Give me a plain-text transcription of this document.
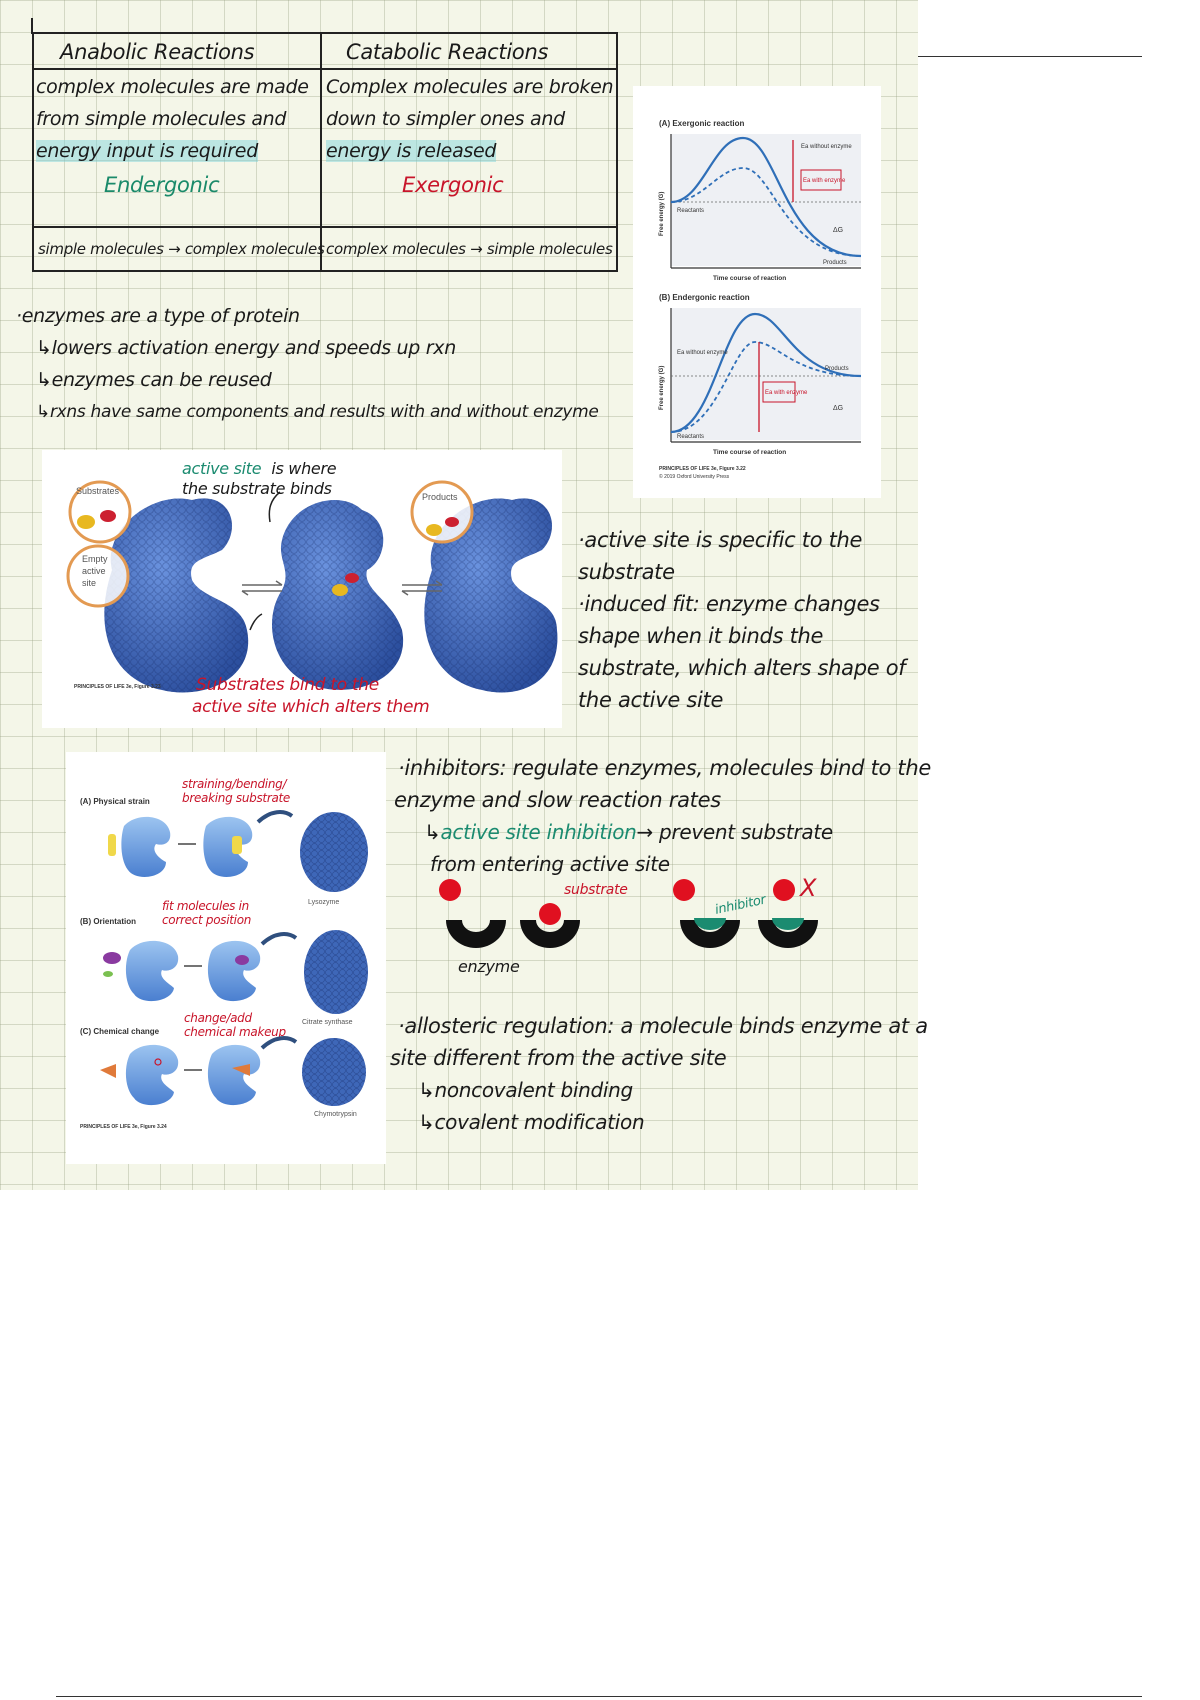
Anabolic Reactions	Catabolic Reactions
complex molecules are made
from simple molecules and
energy input is required
Endergonic
Complex molecules are broken
down to simpler ones and
energy is released
Exergonic
simple molecules → complex molecules complex molecules → simple molecules
·enzymes are a type of protein
↳lowers activation energy and speeds up rxn
↳enzymes can be reused
↳rxns have same components and results with and without enzyme
(A) Exergonic reaction
Ea without enzyme
Ea with enzyme
Reactants
Products
ΔG
Time course of reaction
Free energy (G)
(B) Endergonic reaction
Ea without enzyme
Ea with enzyme
Reactants
Products
ΔG
Time course of reaction
Free energy (G)
PRINCIPLES OF LIFE 3e, Figure 3.22
© 2019 Oxford University Press
Substrates
Empty
active
site
Products
active site is where
the substrate binds
PRINCIPLES OF LIFE 3e, Figure 3.23 Substrates bind to the
active site which alters them
·active site is specific to the
substrate
·induced fit: enzyme changes
shape when it binds the
substrate, which alters shape of
the active site
(A) Physical strain
straining/bending/
breaking substrate
Lysozyme
(B) Orientation
fit molecules in
correct position
Citrate synthase
(C) Chemical change
change/add
chemical makeup
Chymotrypsin
PRINCIPLES OF LIFE 3e, Figure 3.24
·inhibitors: regulate enzymes, molecules bind to the
enzyme and slow reaction rates
↳active site inhibition→ prevent substrate
from entering active site
substrate
enzyme
inhibitor
X
·allosteric regulation: a molecule binds enzyme at a
site different from the active site
↳noncovalent binding
↳covalent modification
